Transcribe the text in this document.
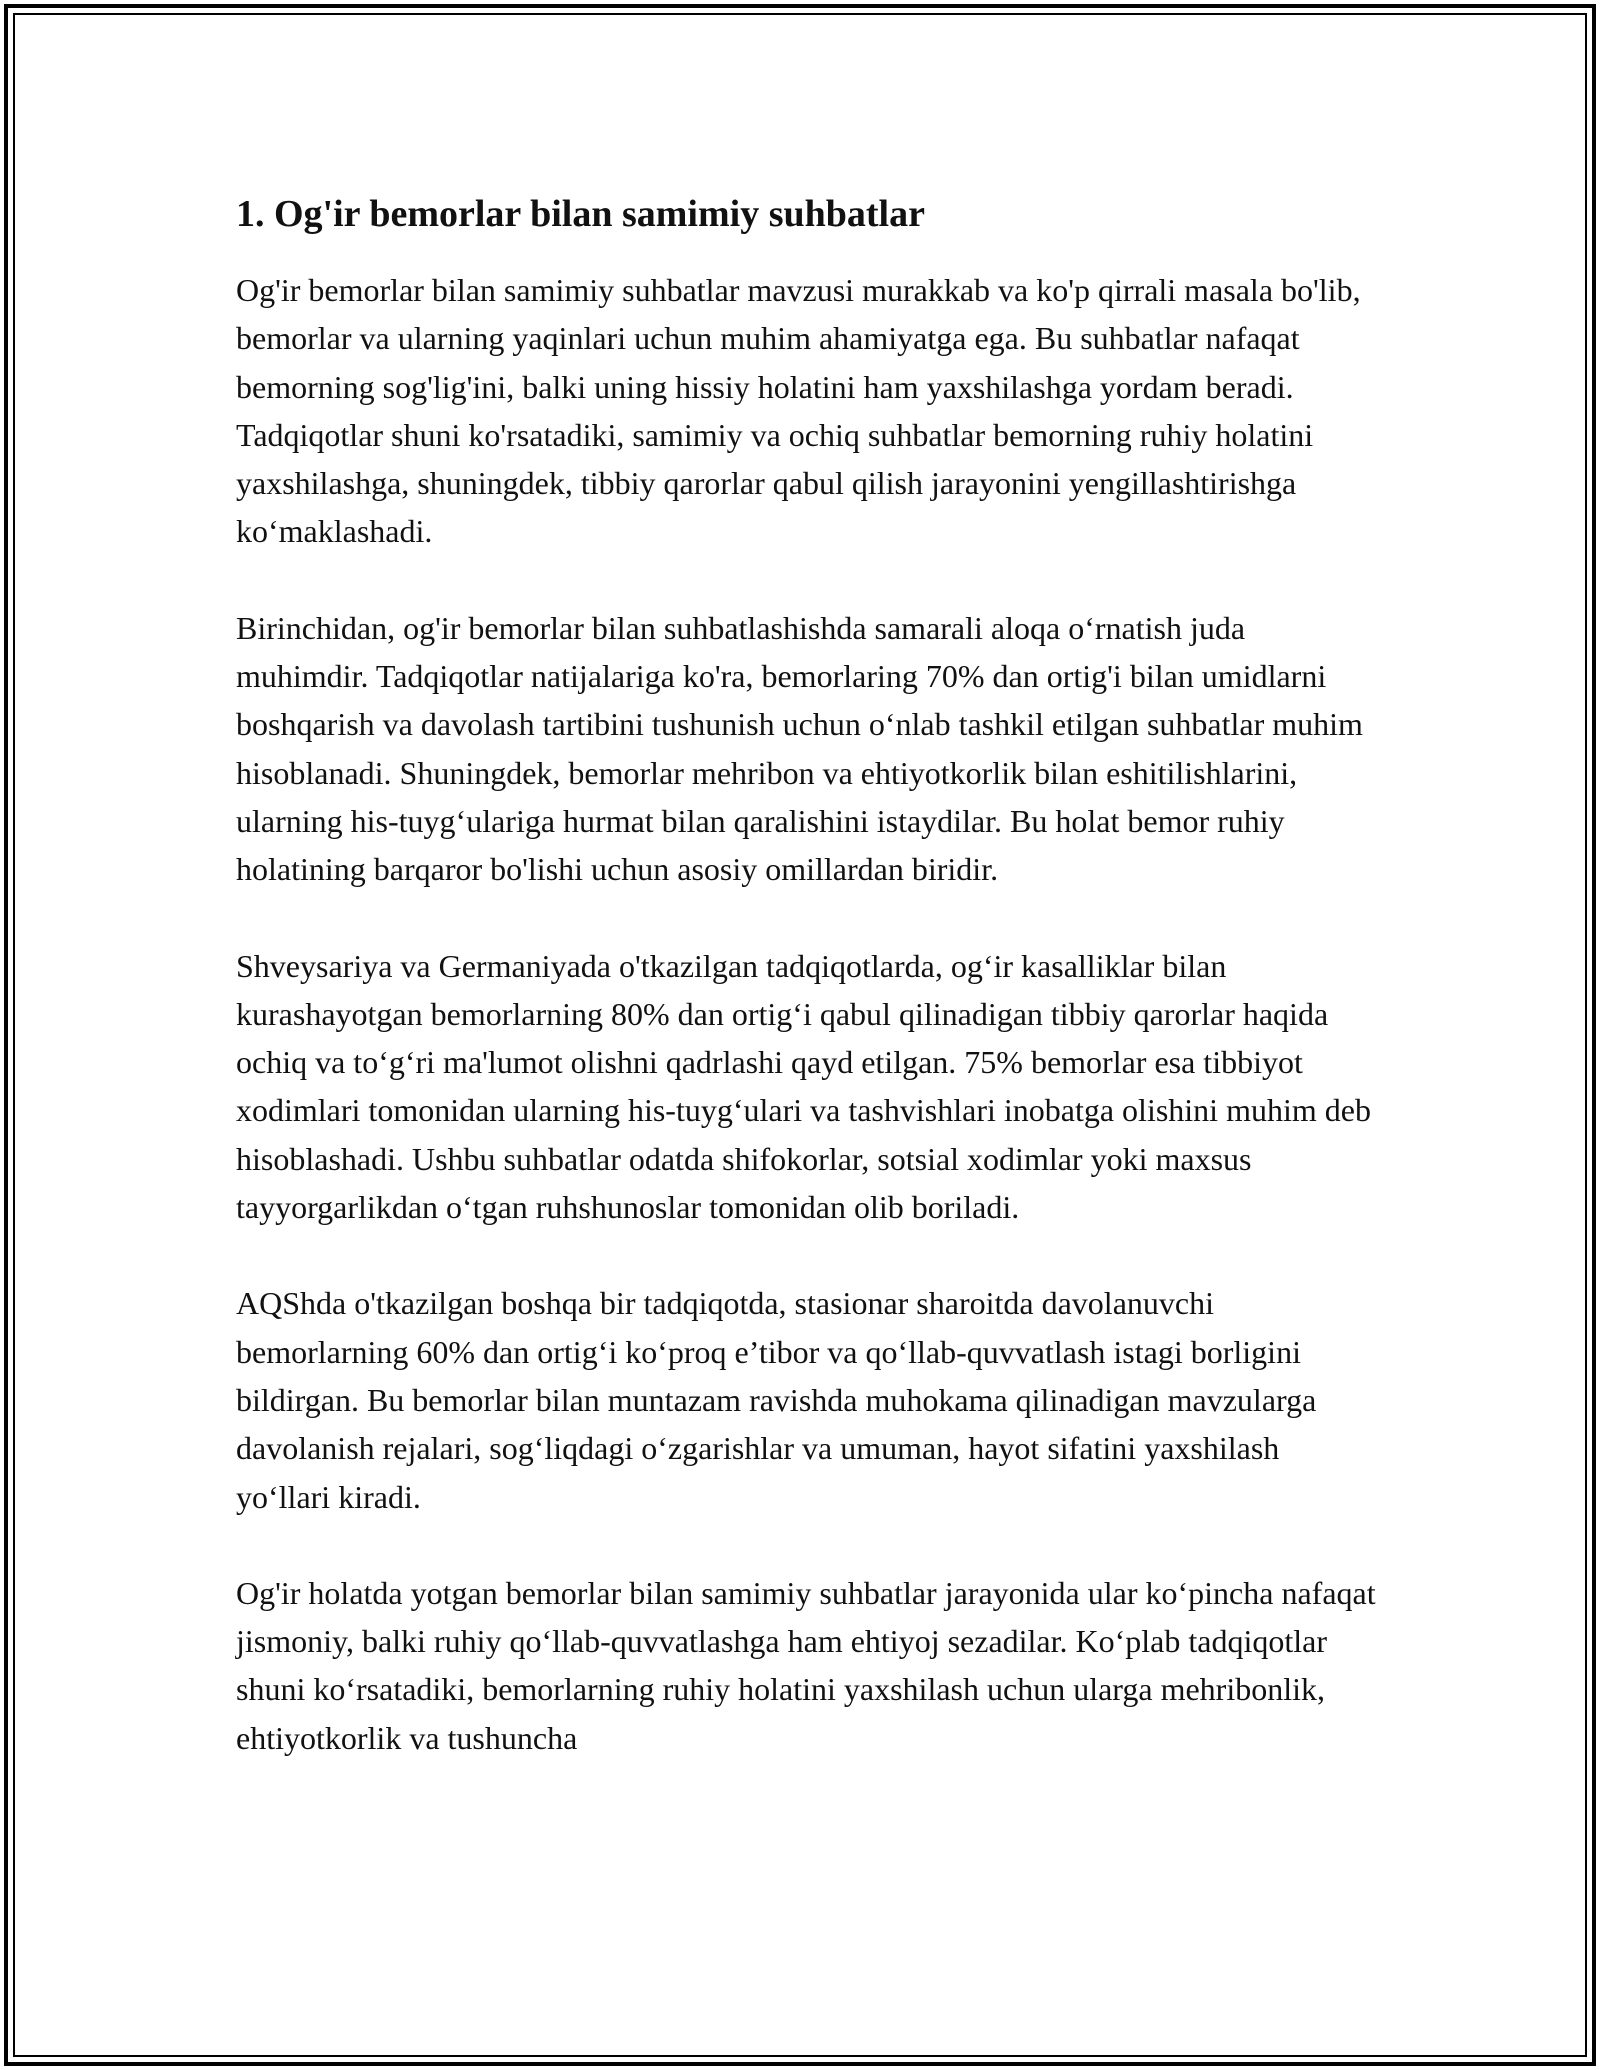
1. Og'ir bemorlar bilan samimiy suhbatlar

Og'ir bemorlar bilan samimiy suhbatlar mavzusi murakkab va ko'p qirrali masala bo'lib, bemorlar va ularning yaqinlari uchun muhim ahamiyatga ega. Bu suhbatlar nafaqat bemorning sog'lig'ini, balki uning hissiy holatini ham yaxshilashga yordam beradi. Tadqiqotlar shuni ko'rsatadiki, samimiy va ochiq suhbatlar bemorning ruhiy holatini yaxshilashga, shuningdek, tibbiy qarorlar qabul qilish jarayonini yengillashtirishga ko‘maklashadi.

Birinchidan, og'ir bemorlar bilan suhbatlashishda samarali aloqa o‘rnatish juda muhimdir. Tadqiqotlar natijalariga ko'ra, bemorlaring 70% dan ortig'i bilan umidlarni boshqarish va davolash tartibini tushunish uchun o‘nlab tashkil etilgan suhbatlar muhim hisoblanadi. Shuningdek, bemorlar mehribon va ehtiyotkorlik bilan eshitilishlarini, ularning his-tuyg‘ulariga hurmat bilan qaralishini istaydilar. Bu holat bemor ruhiy holatining barqaror bo'lishi uchun asosiy omillardan biridir.

Shveysariya va Germaniyada o'tkazilgan tadqiqotlarda, og‘ir kasalliklar bilan kurashayotgan bemorlarning 80% dan ortig‘i qabul qilinadigan tibbiy qarorlar haqida ochiq va to‘g‘ri ma'lumot olishni qadrlashi qayd etilgan. 75% bemorlar esa tibbiyot xodimlari tomonidan ularning his-tuyg‘ulari va tashvishlari inobatga olishini muhim deb hisoblashadi. Ushbu suhbatlar odatda shifokorlar, sotsial xodimlar yoki maxsus tayyorgarlikdan o‘tgan ruhshunoslar tomonidan olib boriladi.

AQShda o'tkazilgan boshqa bir tadqiqotda, stasionar sharoitda davolanuvchi bemorlarning 60% dan ortig‘i ko‘proq e’tibor va qo‘llab-quvvatlash istagi borligini bildirgan. Bu bemorlar bilan muntazam ravishda muhokama qilinadigan mavzularga davolanish rejalari, sog‘liqdagi o‘zgarishlar va umuman, hayot sifatini yaxshilash yo‘llari kiradi.

Og'ir holatda yotgan bemorlar bilan samimiy suhbatlar jarayonida ular ko‘pincha nafaqat jismoniy, balki ruhiy qo‘llab-quvvatlashga ham ehtiyoj sezadilar. Ko‘plab tadqiqotlar shuni ko‘rsatadiki, bemorlarning ruhiy holatini yaxshilash uchun ularga mehribonlik, ehtiyotkorlik va tushuncha
